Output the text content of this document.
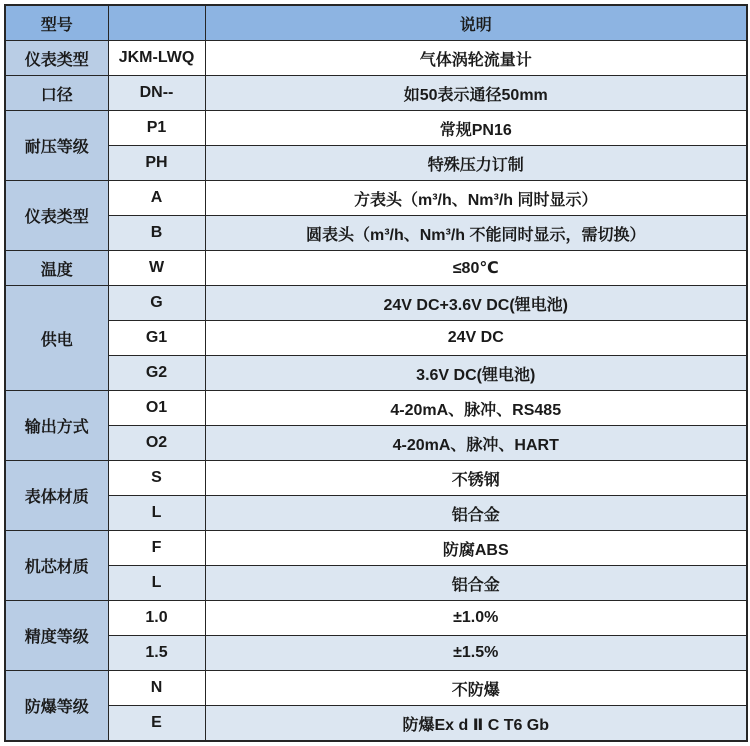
型号		说明
仪表类型	JKM-LWQ	气体涡轮流量计
口径	DN--	如50表示通径50mm
耐压等级	P1	常规PN16
	PH	特殊压力订制
仪表类型	A	方表头（m³/h、Nm³/h 同时显示）
	B	圆表头（m³/h、Nm³/h 不能同时显示，需切换）
温度	W	≤80℃
供电	G	24V DC+3.6V DC(锂电池)
	G1	24V DC
	G2	3.6V DC(锂电池)
输出方式	O1	4-20mA、脉冲、RS485
	O2	4-20mA、脉冲、HART
表体材质	S	不锈钢
	L	铝合金
机芯材质	F	防腐ABS
	L	铝合金
精度等级	1.0	±1.0%
	1.5	±1.5%
防爆等级	N	不防爆
	E	防爆Ex d Ⅱ C T6 Gb
